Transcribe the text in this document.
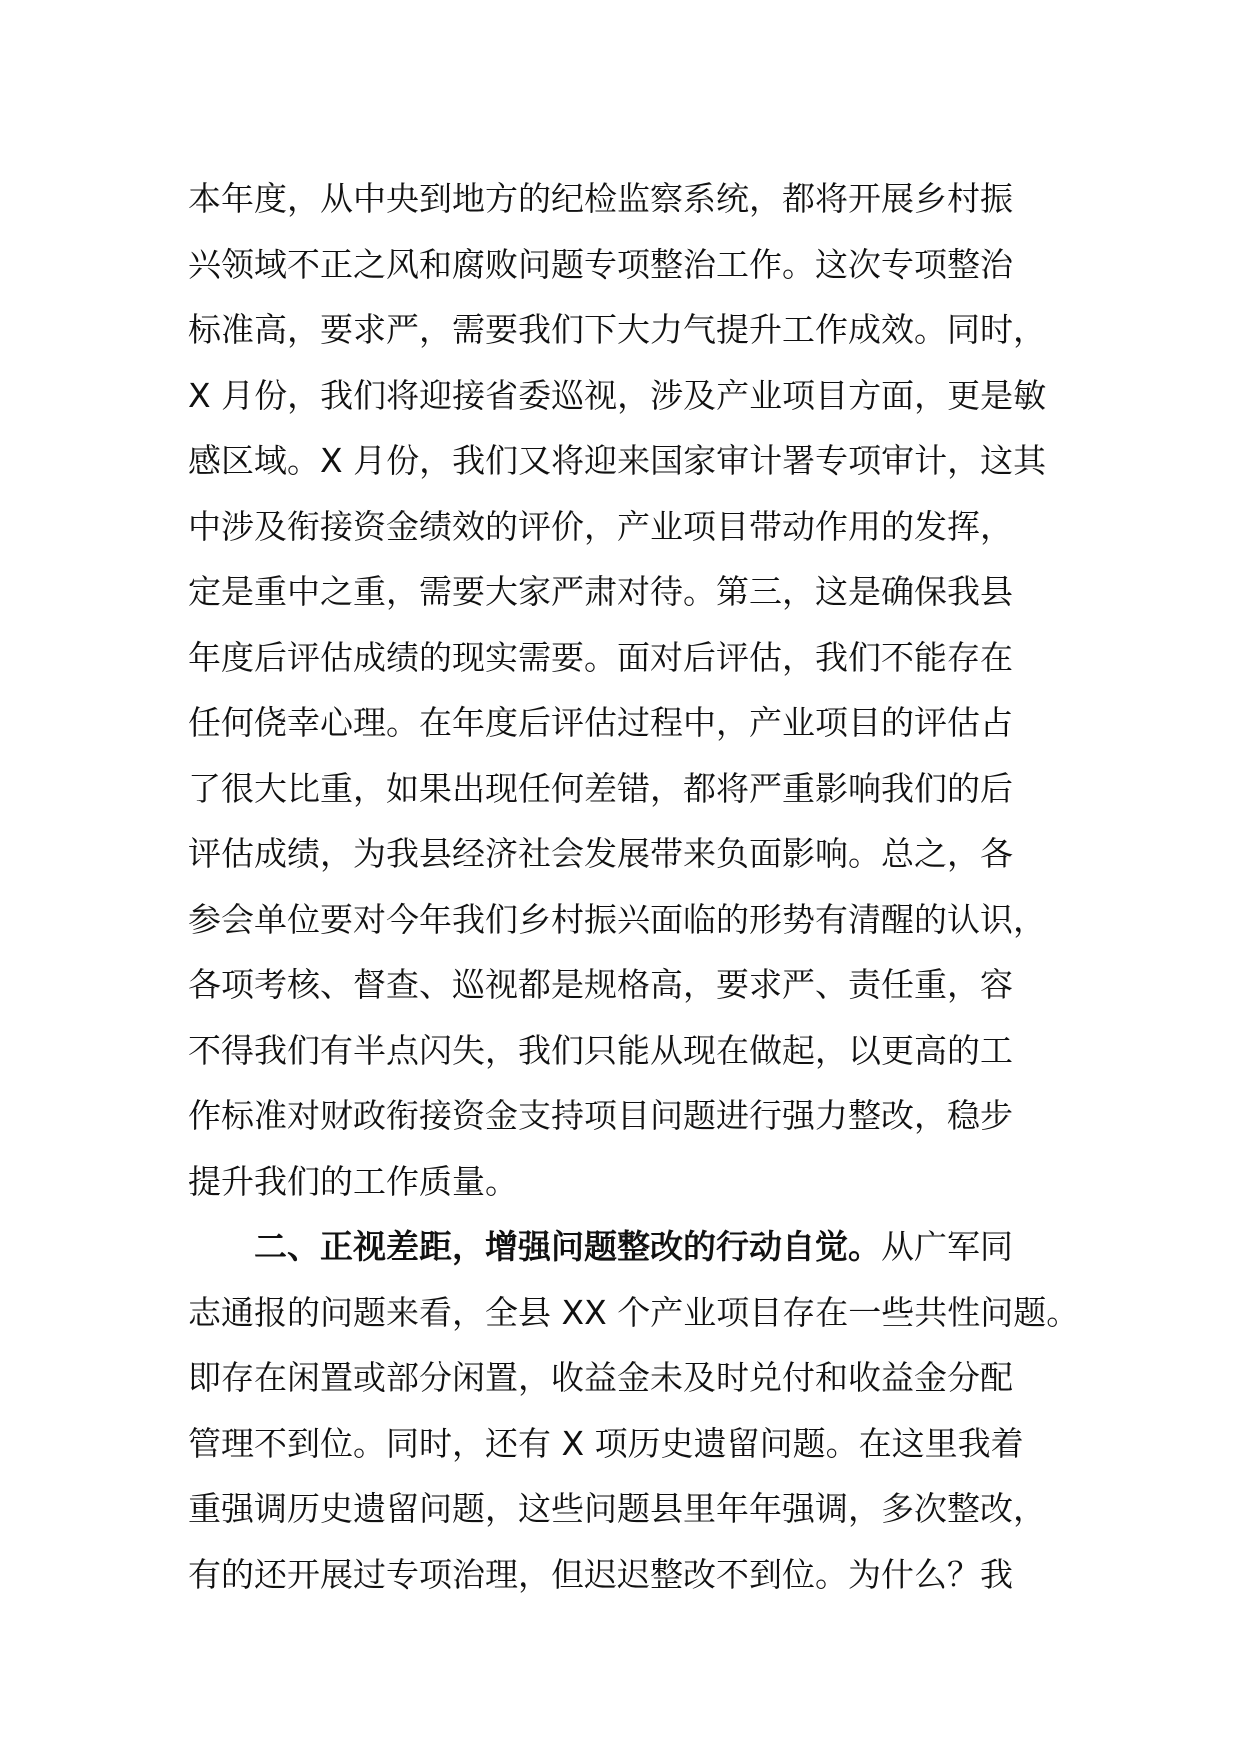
本年度，从中央到地方的纪检监察系统，都将开展乡村振
兴领域不正之风和腐败问题专项整治工作。这次专项整治
标准高，要求严，需要我们下大力气提升工作成效。同时，
X 月份，我们将迎接省委巡视，涉及产业项目方面，更是敏
感区域。X 月份，我们又将迎来国家审计署专项审计，这其
中涉及衔接资金绩效的评价，产业项目带动作用的发挥，
定是重中之重，需要大家严肃对待。第三，这是确保我县
年度后评估成绩的现实需要。面对后评估，我们不能存在
任何侥幸心理。在年度后评估过程中，产业项目的评估占
了很大比重，如果出现任何差错，都将严重影响我们的后
评估成绩，为我县经济社会发展带来负面影响。总之，各
参会单位要对今年我们乡村振兴面临的形势有清醒的认识，
各项考核、督查、巡视都是规格高，要求严、责任重，容
不得我们有半点闪失，我们只能从现在做起，以更高的工
作标准对财政衔接资金支持项目问题进行强力整改，稳步
提升我们的工作质量。
二、正视差距，增强问题整改的行动自觉。从广军同
志通报的问题来看，全县 XX 个产业项目存在一些共性问题。
即存在闲置或部分闲置，收益金未及时兑付和收益金分配
管理不到位。同时，还有 X 项历史遗留问题。在这里我着
重强调历史遗留问题，这些问题县里年年强调，多次整改，
有的还开展过专项治理，但迟迟整改不到位。为什么？我
